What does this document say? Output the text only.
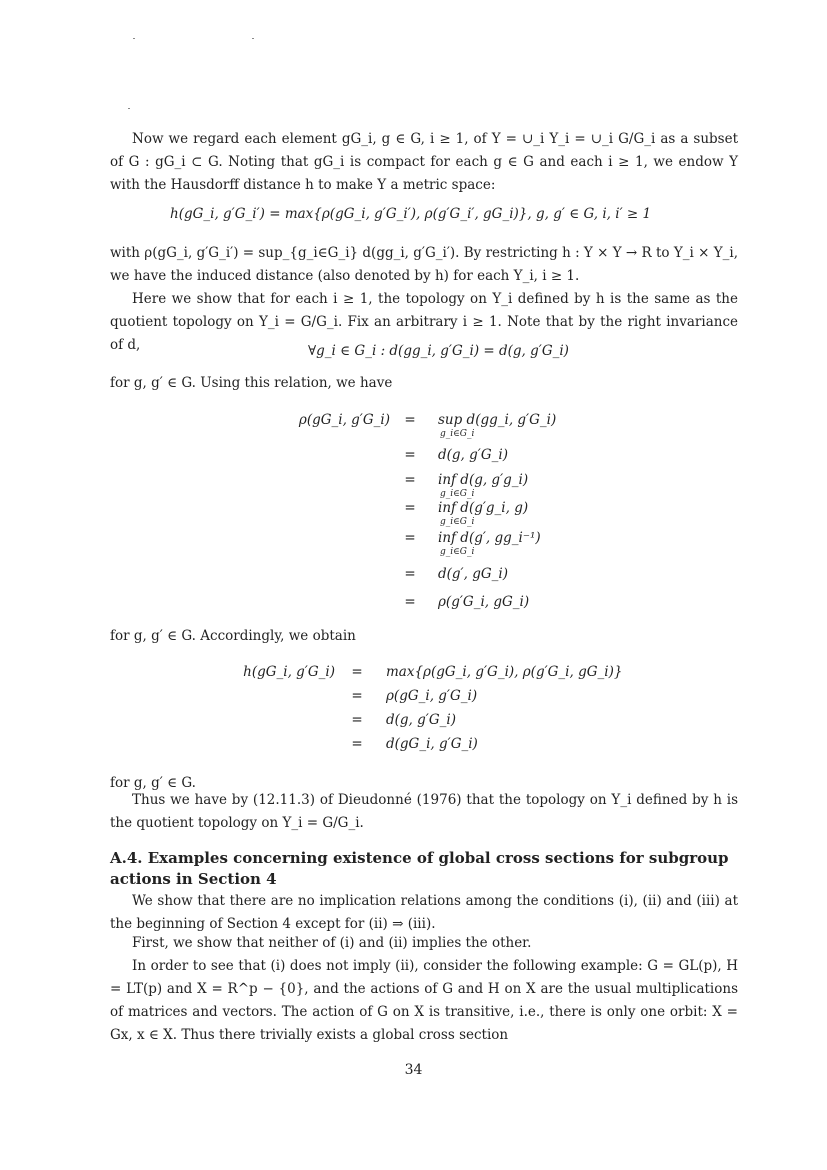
Now we regard each element gG_i, g ∈ G, i ≥ 1, of Y = ∪_i Y_i = ∪_i G/G_i as a subset of G : gG_i ⊂ G. Noting that gG_i is compact for each g ∈ G and each i ≥ 1, we endow Y with the Hausdorff distance h to make Y a metric space:
h(gG_i, g′G_i′) = max{ρ(gG_i, g′G_i′), ρ(g′G_i′, gG_i)}, g, g′ ∈ G, i, i′ ≥ 1
with ρ(gG_i, g′G_i′) = sup_{g_i∈G_i} d(gg_i, g′G_i′). By restricting h : Y × Y → R to Y_i × Y_i, we have the induced distance (also denoted by h) for each Y_i, i ≥ 1.
Here we show that for each i ≥ 1, the topology on Y_i defined by h is the same as the quotient topology on Y_i = G/G_i. Fix an arbitrary i ≥ 1. Note that by the right invariance of d,	∀g_i ∈ G_i : d(gg_i, g′G_i) = d(g, g′G_i)
for g, g′ ∈ G. Using this relation, we have
ρ(gG_i, g′G_i)	=	sup d(gg_i, g′G_i)
g_i∈G_i
=	d(g, g′G_i)
=	inf d(g, g′g_i)
g_i∈G_i
=	inf d(g′g_i, g)
g_i∈G_i
=	inf d(g′, gg_i⁻¹)
g_i∈G_i
=	d(g′, gG_i)
=	ρ(g′G_i, gG_i)
for g, g′ ∈ G. Accordingly, we obtain
h(gG_i, g′G_i)	=	max{ρ(gG_i, g′G_i), ρ(g′G_i, gG_i)}
=	ρ(gG_i, g′G_i)
=	d(g, g′G_i)
=	d(gG_i, g′G_i)
for g, g′ ∈ G.
Thus we have by (12.11.3) of Dieudonné (1976) that the topology on Y_i defined by h is the quotient topology on Y_i = G/G_i.
A.4. Examples concerning existence of global cross sections for subgroup actions in Section 4
We show that there are no implication relations among the conditions (i), (ii) and (iii) at the beginning of Section 4 except for (ii) ⇒ (iii).
First, we show that neither of (i) and (ii) implies the other.
In order to see that (i) does not imply (ii), consider the following example: G = GL(p), H = LT(p) and X = R^p − {0}, and the actions of G and H on X are the usual multiplications of matrices and vectors. The action of G on X is transitive, i.e., there is only one orbit: X = Gx, x ∈ X. Thus there trivially exists a global cross section
34
